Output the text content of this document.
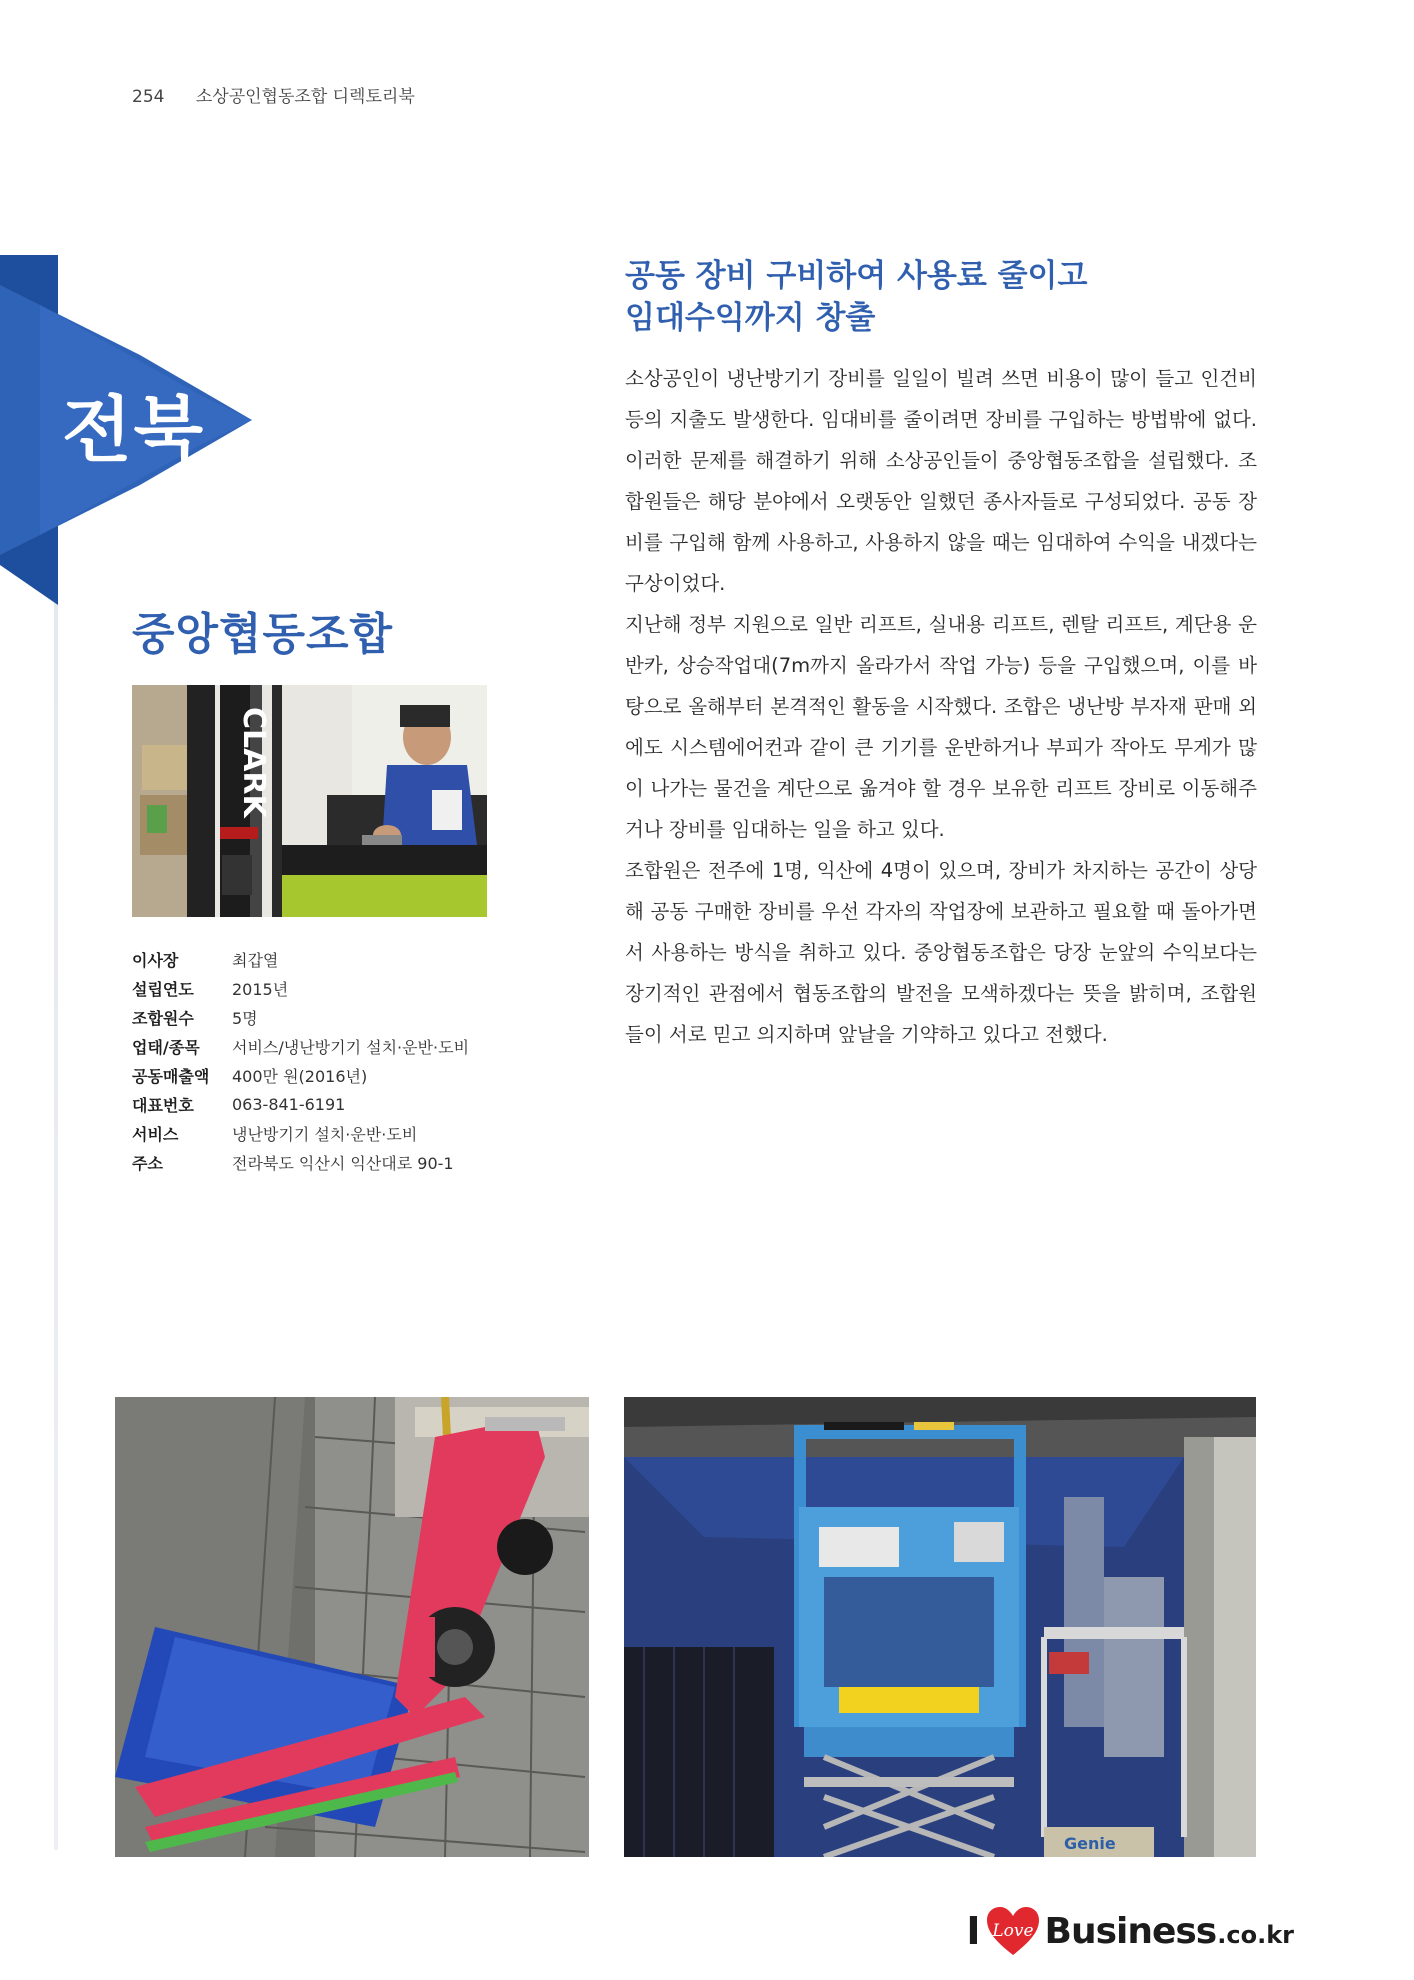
254 소상공인협동조합 디렉토리북
전북
중앙협동조합
CLARK
이사장	최갑열
설립연도	2015년
조합원수	5명
업태/종목	서비스/냉난방기기 설치·운반·도비
공동매출액	400만 원(2016년)
대표번호	063-841-6191
서비스	냉난방기기 설치·운반·도비
주소	전라북도 익산시 익산대로 90-1
공동 장비 구비하여 사용료 줄이고
임대수익까지 창출

소상공인이 냉난방기기 장비를 일일이 빌려 쓰면 비용이 많이 들고 인건비 등의 지출도 발생한다. 임대비를 줄이려면 장비를 구입하는 방법밖에 없다. 이러한 문제를 해결하기 위해 소상공인들이 중앙협동조합을 설립했다. 조합원들은 해당 분야에서 오랫동안 일했던 종사자들로 구성되었다. 공동 장비를 구입해 함께 사용하고, 사용하지 않을 때는 임대하여 수익을 내겠다는 구상이었다.

지난해 정부 지원으로 일반 리프트, 실내용 리프트, 렌탈 리프트, 계단용 운반카, 상승작업대(7m까지 올라가서 작업 가능) 등을 구입했으며, 이를 바탕으로 올해부터 본격적인 활동을 시작했다. 조합은 냉난방 부자재 판매 외에도 시스템에어컨과 같이 큰 기기를 운반하거나 부피가 작아도 무게가 많이 나가는 물건을 계단으로 옮겨야 할 경우 보유한 리프트 장비로 이동해주거나 장비를 임대하는 일을 하고 있다.

조합원은 전주에 1명, 익산에 4명이 있으며, 장비가 차지하는 공간이 상당해 공동 구매한 장비를 우선 각자의 작업장에 보관하고 필요할 때 돌아가면서 사용하는 방식을 취하고 있다. 중앙협동조합은 당장 눈앞의 수익보다는 장기적인 관점에서 협동조합의 발전을 모색하겠다는 뜻을 밝히며, 조합원들이 서로 믿고 의지하며 앞날을 기약하고 있다고 전했다.

Genie
I Love Business .co.kr
